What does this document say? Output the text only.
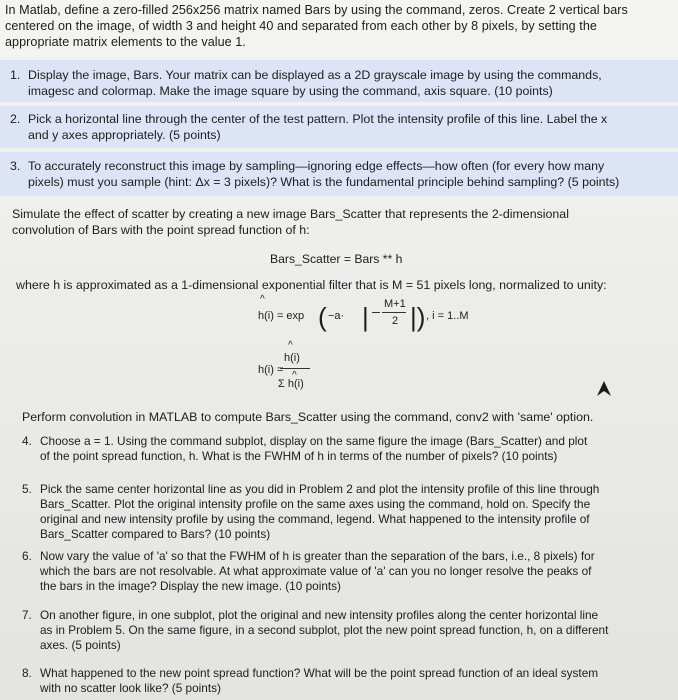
In Matlab, define a zero-filled 256x256 matrix named Bars by using the command, zeros. Create 2 vertical bars
centered on the image, of width 3 and height 40 and separated from each other by 8 pixels, by setting the
appropriate matrix elements to the value 1.
1. Display the image, Bars. Your matrix can be displayed as a 2D grayscale image by using the commands,
imagesc and colormap. Make the image square by using the command, axis square. (10 points)
2. Pick a horizontal line through the center of the test pattern. Plot the intensity profile of this line. Label the x
and y axes appropriately. (5 points)
3. To accurately reconstruct this image by sampling—ignoring edge effects—how often (for every how many
pixels) must you sample (hint: Δx = 3 pixels)? What is the fundamental principle behind sampling? (5 points)
Simulate the effect of scatter by creating a new image Bars_Scatter that represents the 2-dimensional
convolution of Bars with the point spread function of h:
Bars_Scatter = Bars ** h
where h is approximated as a 1-dimensional exponential filter that is M = 51 pixels long, normalized to unity:
^
h(i) = exp ( −a· | M+1
2 |) , i = 1..M
h(i) =
^
h(i)
^
Σ h(i)
Perform convolution in MATLAB to compute Bars_Scatter using the command, conv2 with 'same' option.
4. Choose a = 1. Using the command subplot, display on the same figure the image (Bars_Scatter) and plot
of the point spread function, h. What is the FWHM of h in terms of the number of pixels? (10 points)
5. Pick the same center horizontal line as you did in Problem 2 and plot the intensity profile of this line through
Bars_Scatter. Plot the original intensity profile on the same axes using the command, hold on. Specify the
original and new intensity profile by using the command, legend. What happened to the intensity profile of
Bars_Scatter compared to Bars? (10 points)
6. Now vary the value of 'a' so that the FWHM of h is greater than the separation of the bars, i.e., 8 pixels) for
which the bars are not resolvable. At what approximate value of 'a' can you no longer resolve the peaks of
the bars in the image? Display the new image. (10 points)
7. On another figure, in one subplot, plot the original and new intensity profiles along the center horizontal line
as in Problem 5. On the same figure, in a second subplot, plot the new point spread function, h, on a different
axes. (5 points)
8. What happened to the new point spread function? What will be the point spread function of an ideal system
with no scatter look like? (5 points)
